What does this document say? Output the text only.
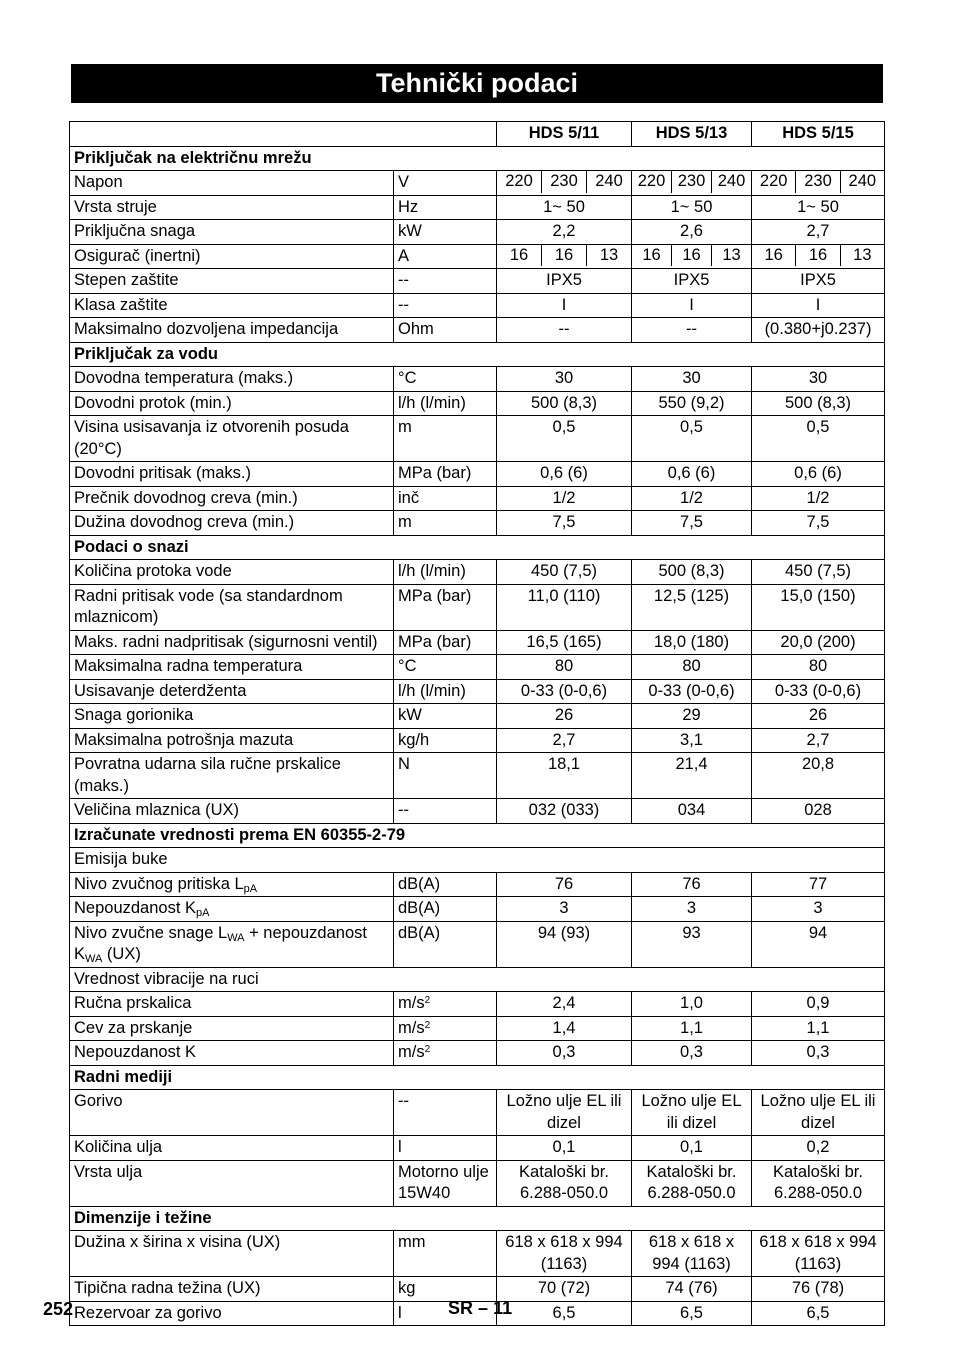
Tehnički podaci
		HDS 5/11	HDS 5/13	HDS 5/15
Priključak na električnu mrežu				
Napon	V	220 230 240	220 230 240	220 230 240

Vrsta struje	Hz	1~ 50	1~ 50	1~ 50
Priključna snaga	kW	2,2	2,6	2,7
Osigurač (inertni)	A	16 16 13	16 16 13	16 16 13

Stepen zaštite	--	IPX5	IPX5	IPX5
Klasa zaštite	--	I	I	I
Maksimalno dozvoljena impedancija	Ohm	--	--	(0.380+j0.237)
Priključak za vodu				
Dovodna temperatura (maks.)	°C	30	30	30
Dovodni protok (min.)	l/h (l/min)	500 (8,3)	550 (9,2)	500 (8,3)
Visina usisavanja iz otvorenih posuda (20°C)	m	0,5	0,5	0,5
Dovodni pritisak (maks.)	MPa (bar)	0,6 (6)	0,6 (6)	0,6 (6)
Prečnik dovodnog creva (min.)	inč	1/2	1/2	1/2
Dužina dovodnog creva (min.)	m	7,5	7,5	7,5
Podaci o snazi				
Količina protoka vode	l/h (l/min)	450 (7,5)	500 (8,3)	450 (7,5)
Radni pritisak vode (sa standardnom mlaznicom)	MPa (bar)	11,0 (110)	12,5 (125)	15,0 (150)
Maks. radni nadpritisak (sigurnosni ventil)	MPa (bar)	16,5 (165)	18,0 (180)	20,0 (200)
Maksimalna radna temperatura	°C	80	80	80
Usisavanje deterdženta	l/h (l/min)	0-33 (0-0,6)	0-33 (0-0,6)	0-33 (0-0,6)
Snaga gorionika	kW	26	29	26
Maksimalna potrošnja mazuta	kg/h	2,7	3,1	2,7
Povratna udarna sila ručne prskalice (maks.)	N	18,1	21,4	20,8
Veličina mlaznica (UX)	--	032 (033)	034	028
Izračunate vrednosti prema EN 60355-2-79				
Emisija buke				
Nivo zvučnog pritiska $L_{pA}$	dB(A)	76	76	77
Nepouzdanost $K_{pA}$	dB(A)	3	3	3
Nivo zvučne snage $L_{WA}$ + nepouzdanost $K_{WA}$ (UX)	dB(A)	94 (93)	93	94
Vrednost vibracije na ruci				
Ručna prskalica	$m/s^2$	2,4	1,0	0,9
Cev za prskanje	$m/s^2$	1,4	1,1	1,1
Nepouzdanost K	$m/s^2$	0,3	0,3	0,3
Radni mediji				
Gorivo	--	Ložno ulje EL ili dizel	Ložno ulje EL ili dizel	Ložno ulje EL ili dizel
Količina ulja	l	0,1	0,1	0,2
Vrsta ulja	Motorno ulje 15W40	Kataloški br. 6.288-050.0	Kataloški br. 6.288-050.0	Kataloški br. 6.288-050.0
Dimenzije i težine				
Dužina x širina x visina (UX)	mm	618 x 618 x 994 (1163)	618 x 618 x 994 (1163)	618 x 618 x 994 (1163)
Tipična radna težina (UX)	kg	70 (72)	74 (76)	76 (78)
Rezervoar za gorivo	l	6,5	6,5	6,5
252	SR – 11
